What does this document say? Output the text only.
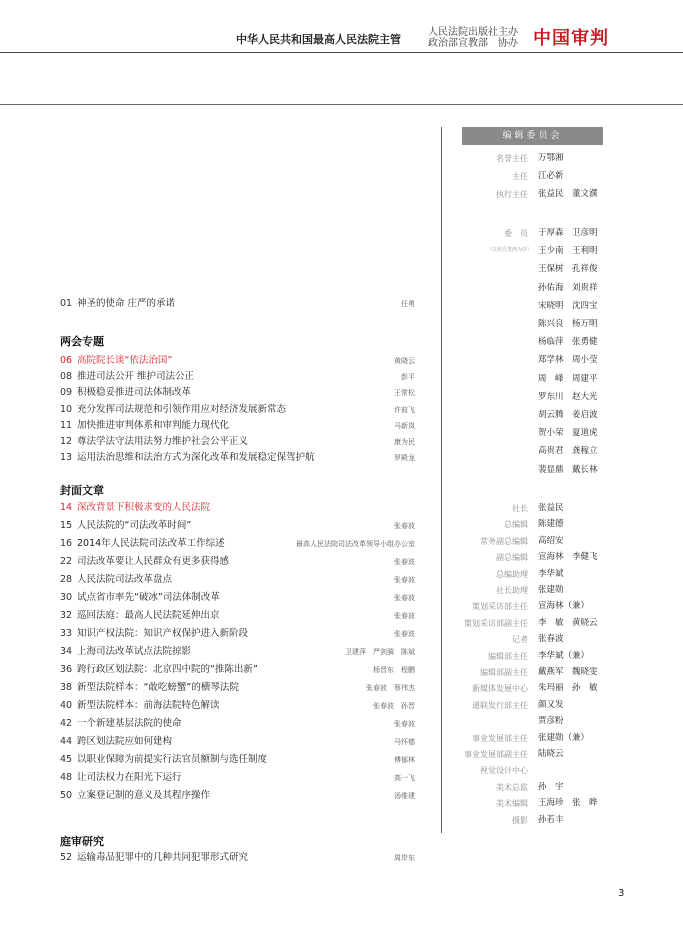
中华人民共和国最高人民法院主管
人民法院出版社主办
政治部宣教部　协办 中国审判
01 神圣的使命 庄严的承诺	任勇
两会专题
06 高院院长谈“依法治国”	黄晓云
08 推进司法公开 维护司法公正	彭平
09 积极稳妥推进司法体制改革	王常松
10 充分发挥司法规范和引领作用应对经济发展新常态	许前飞
11 加快推进审判体系和审判能力现代化	马新岚
12 尊法学法守法用法努力维护社会公平正义	康为民
13 运用法治思维和法治方式为深化改革和发展稳定保驾护航	罗殿龙
封面文章
14 深改背景下积极求变的人民法院
15 人民法院的“司法改革时间”	张春波
16 2014年人民法院司法改革工作综述	最高人民法院司法改革领导小组办公室
22 司法改革要让人民群众有更多获得感	张春波
28 人民法院司法改革盘点	张春波
30 试点省市率先“破冰”司法体制改革	张春波
32 巡回法庭：最高人民法院延伸出京	张春波
33 知识产权法院：知识产权保护进入新阶段	张春波
34 上海司法改革试点法院掠影	卫建萍　严剑漪　陈斌
36 跨行政区划法院：北京四中院的“推陈出新”	杨晋东　程鹏
38 新型法院样本：“敢吃螃蟹”的横琴法院	张春波　蔡伟杰
40 新型法院样本：前海法院特色解读	张春波　孙晋
42 一个新建基层法院的使命	张春波
44 跨区划法院应如何建构	马怀德
45 以职业保障为前提实行法官员额制与选任制度	傅郁林
48 让司法权力在阳光下运行	高一飞
50 立案登记制的意义及其程序操作	汤维建
庭审研究
52 运输毒品犯罪中的几种共同犯罪形式研究	周岸东
编辑委员会
（以姓氏笔画为序）
名誉主任 万鄂湘
主任 江必新
执行主任 张益民　董文濮
委　员 于厚森　卫彦明
王少南　王利明
王保树　孔祥俊
孙佑海　刘贵祥
宋晓明　沈四宝
陈兴良　杨万明
杨临萍　张勇健
郑学林　周小莹
周　峰　周建平
罗东川　赵大光
胡云腾　姜启波
贺小荣　夏道虎
高贵君　龚稼立
裴显鼎　戴长林
社长 张益民
总编辑 陈建德
常务副总编辑 高绍安
副总编辑 宣海林　李健飞
总编助理 李华斌
社长助理 张建勋
策划采访部主任 宣海林（兼）
策划采访部副主任 李　敏　黄晓云
记者 张春波
编辑部主任 李华斌（兼）
编辑部副主任 戴燕军　魏晓雯
新媒体发展中心 朱玛丽　孙　敏
通联发行部主任 颜又发
贾彦粉
事业发展部主任 张建勋（兼）
事业发展部副主任 陆晓云
视觉设计中心
美术总监 孙　宇
美术编辑 王海珍　张　晔
摄影 孙若丰
3
